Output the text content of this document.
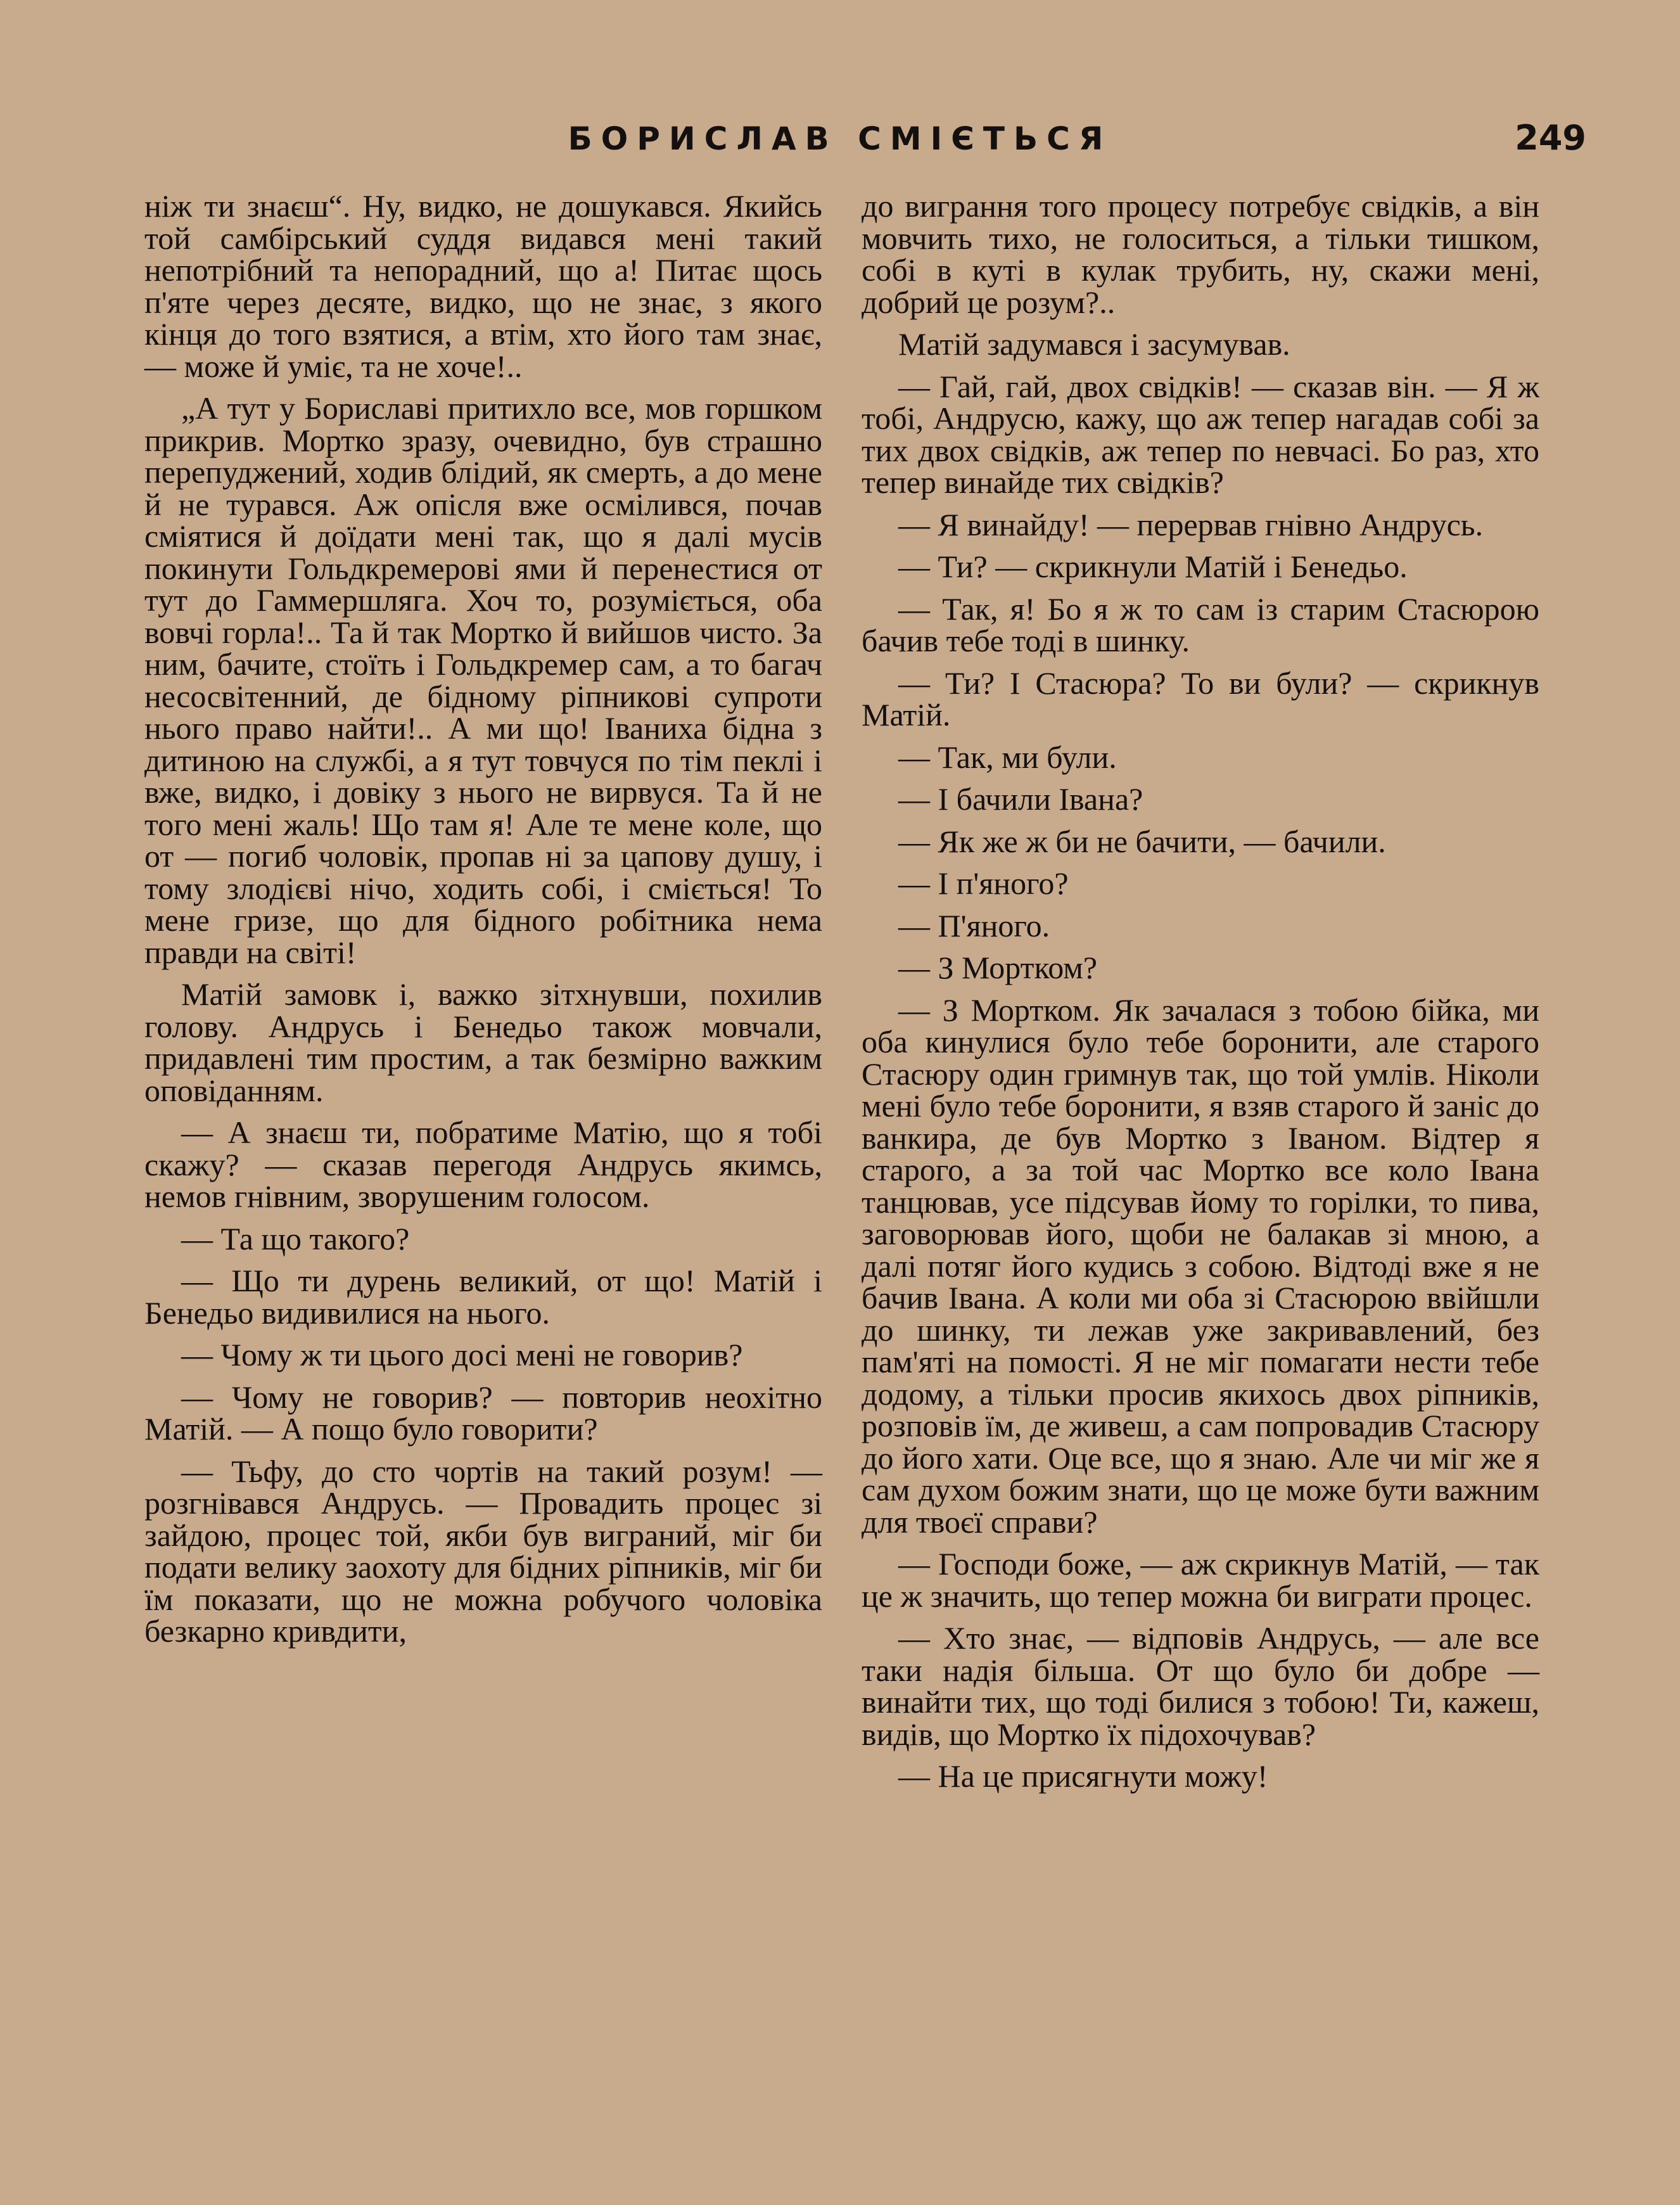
БОРИСЛАВ СМІЄТЬСЯ	249

ніж ти знаєш“. Ну, видко, не дошукався. Якийсь той самбірський суддя видався мені такий непотрібний та непорадний, що а! Питає щось п'яте через десяте, видко, що не знає, з якого кінця до того взятися, а втім, хто його там знає, — може й уміє, та не хоче!..

„А тут у Бориславі притихло все, мов горшком прикрив. Мортко зразу, очевидно, був страшно перепуджений, ходив блідий, як смерть, а до мене й не турався. Аж опісля вже осмілився, почав сміятися й доїдати мені так, що я далі мусів покинути Гольдкремерові ями й перенестися от тут до Гаммершляга. Хоч то, розуміється, оба вовчі горла!.. Та й так Мортко й вийшов чисто. За ним, бачите, стоїть і Гольдкремер сам, а то багач несосвітенний, де бідному ріпникові супроти нього право найти!.. А ми що! Іваниха бідна з дитиною на службі, а я тут товчуся по тім пеклі і вже, видко, і довіку з нього не вирвуся. Та й не того мені жаль! Що там я! Але те мене коле, що от — погиб чоловік, пропав ні за цапову душу, і тому злодієві нічо, ходить собі, і сміється! То мене гризе, що для бідного робітника нема правди на світі!

Матій замовк і, важко зітхнувши, похилив голову. Андрусь і Бенедьо також мовчали, придавлені тим простим, а так безмірно важким оповіданням.

— А знаєш ти, побратиме Матію, що я тобі скажу? — сказав перегодя Андрусь якимсь, немов гнівним, зворушеним голосом.

— Та що такого?

— Що ти дурень великий, от що! Матій і Бенедьо видивилися на нього.

— Чому ж ти цього досі мені не говорив?

— Чому не говорив? — повторив неохітно Матій. — А пощо було говорити?

— Тьфу, до сто чортів на такий розум! — розгнівався Андрусь. — Провадить процес зі зайдою, процес той, якби був виграний, міг би подати велику заохоту для бідних ріпників, міг би їм показати, що не можна робучого чоловіка безкарно кривдити,

до виграння того процесу потребує свідків, а він мовчить тихо, не голоситься, а тільки тишком, собі в куті в кулак трубить, ну, скажи мені, добрий це розум?..

Матій задумався і засумував.

— Гай, гай, двох свідків! — сказав він. — Я ж тобі, Андрусю, кажу, що аж тепер нагадав собі за тих двох свідків, аж тепер по невчасі. Бо раз, хто тепер винайде тих свідків?

— Я винайду! — перервав гнівно Андрусь.

— Ти? — скрикнули Матій і Бенедьо.

— Так, я! Бо я ж то сам із старим Стасюрою бачив тебе тоді в шинку.

— Ти? І Стасюра? То ви були? — скрикнув Матій.

— Так, ми були.

— І бачили Івана?

— Як же ж би не бачити, — бачили.

— І п'яного?

— П'яного.

— З Мортком?

— З Мортком. Як зачалася з тобою бійка, ми оба кинулися було тебе боронити, але старого Стасюру один гримнув так, що той умлів. Ніколи мені було тебе боронити, я взяв старого й заніс до ванкира, де був Мортко з Іваном. Відтер я старого, а за той час Мортко все коло Івана танцював, усе підсував йому то горілки, то пива, заговорював його, щоби не балакав зі мною, а далі потяг його кудись з собою. Відтоді вже я не бачив Івана. А коли ми оба зі Стасюрою ввійшли до шинку, ти лежав уже закривавлений, без пам'яті на помості. Я не міг помагати нести тебе додому, а тільки просив якихось двох ріпників, розповів їм, де живеш, а сам попровадив Стасюру до його хати. Оце все, що я знаю. Але чи міг же я сам духом божим знати, що це може бути важним для твоєї справи?

— Господи боже, — аж скрикнув Матій, — так це ж значить, що тепер можна би виграти процес.

— Хто знає, — відповів Андрусь, — але все таки надія більша. От що було би добре — винайти тих, що тоді билися з тобою! Ти, кажеш, видів, що Мортко їх підохочував?

— На це присягнути можу!
